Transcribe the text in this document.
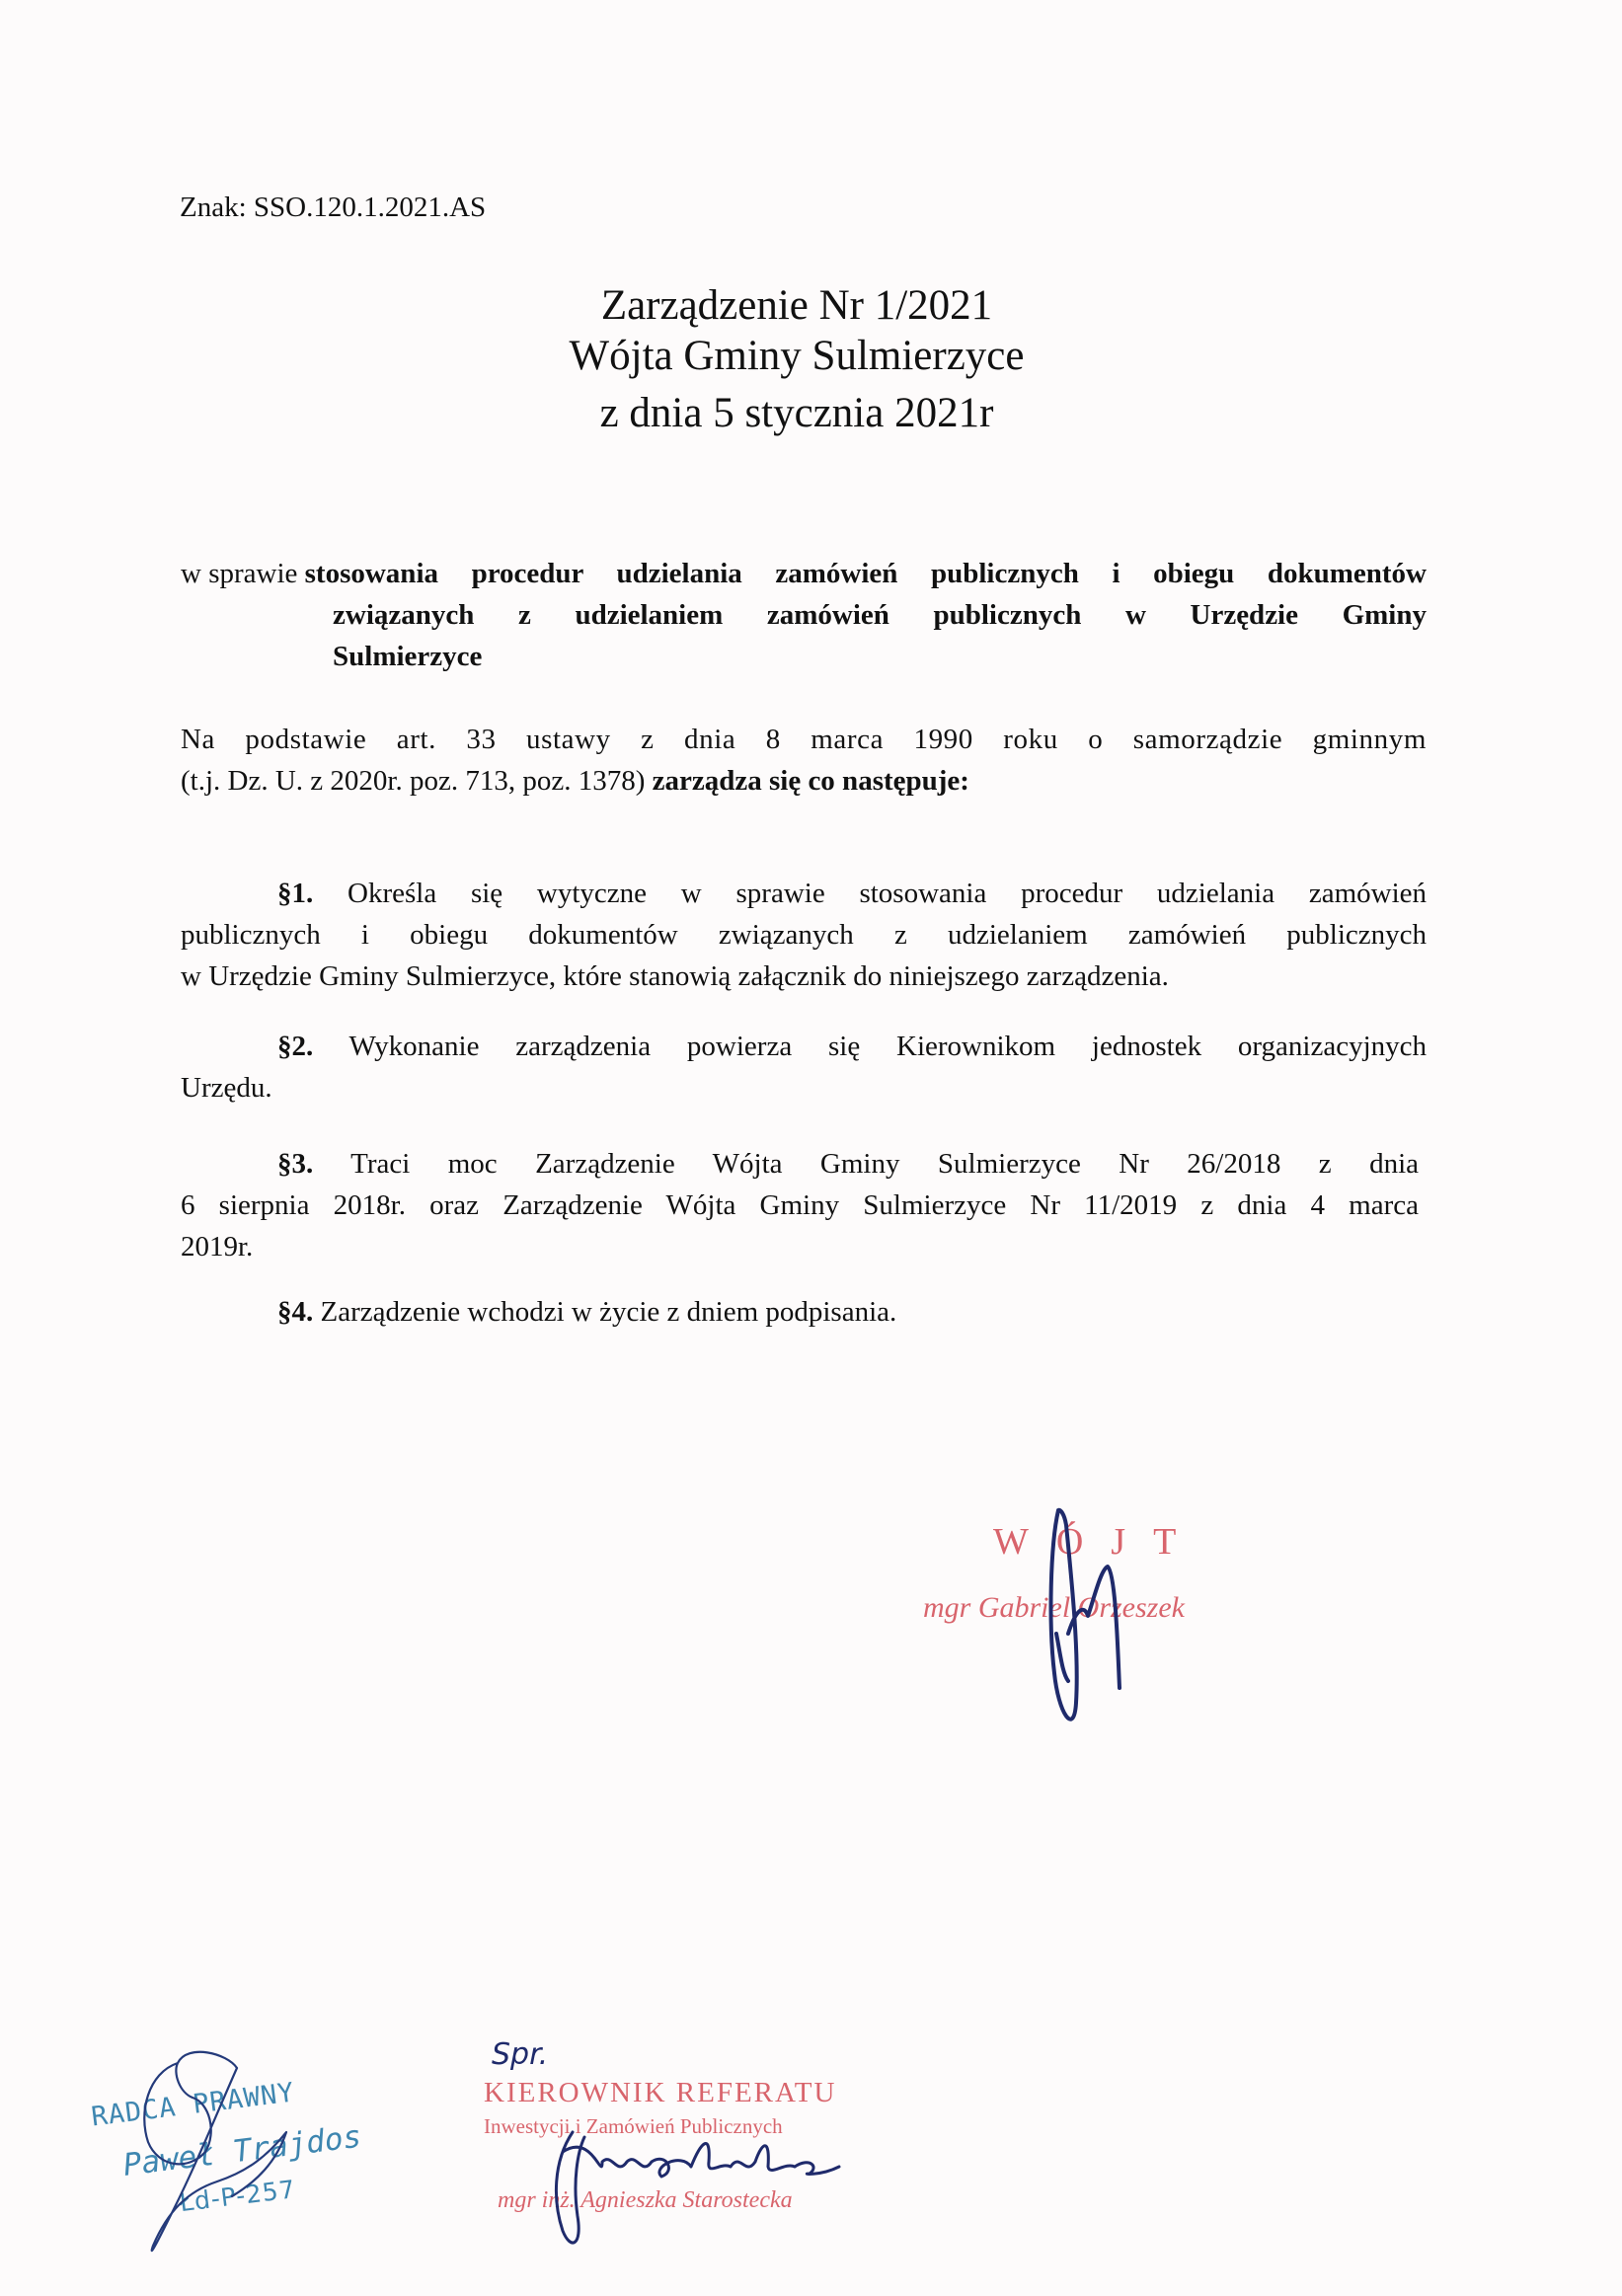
Znak: SSO.120.1.2021.AS
Zarządzenie Nr 1/2021
Wójta Gminy Sulmierzyce
z dnia 5 stycznia 2021r
w sprawie stosowania procedur udzielania zamówień publicznych i obiegu dokumentów
związanych z udzielaniem zamówień publicznych w Urzędzie Gminy
Sulmierzyce
Na podstawie art. 33 ustawy z dnia 8 marca 1990 roku o samorządzie gminnym
(t.j. Dz. U. z 2020r. poz. 713, poz. 1378) zarządza się co następuje:
§1. Określa się wytyczne w sprawie stosowania procedur udzielania zamówień
publicznych i obiegu dokumentów związanych z udzielaniem zamówień publicznych
w Urzędzie Gminy Sulmierzyce, które stanowią załącznik do niniejszego zarządzenia.
§2. Wykonanie zarządzenia powierza się Kierownikom jednostek organizacyjnych
Urzędu.
§3. Traci moc Zarządzenie Wójta Gminy Sulmierzyce Nr 26/2018 z dnia
6 sierpnia 2018r. oraz Zarządzenie Wójta Gminy Sulmierzyce Nr 11/2019 z dnia 4 marca
2019r.
§4. Zarządzenie wchodzi w życie z dniem podpisania.
WÓJT
mgr Gabriel Orzeszek
RADCA PRAWNY
Paweł Trajdos
Łd-P-257
Spr.
KIEROWNIK REFERATU
Inwestycji i Zamówień Publicznych
mgr inż. Agnieszka Starostecka
